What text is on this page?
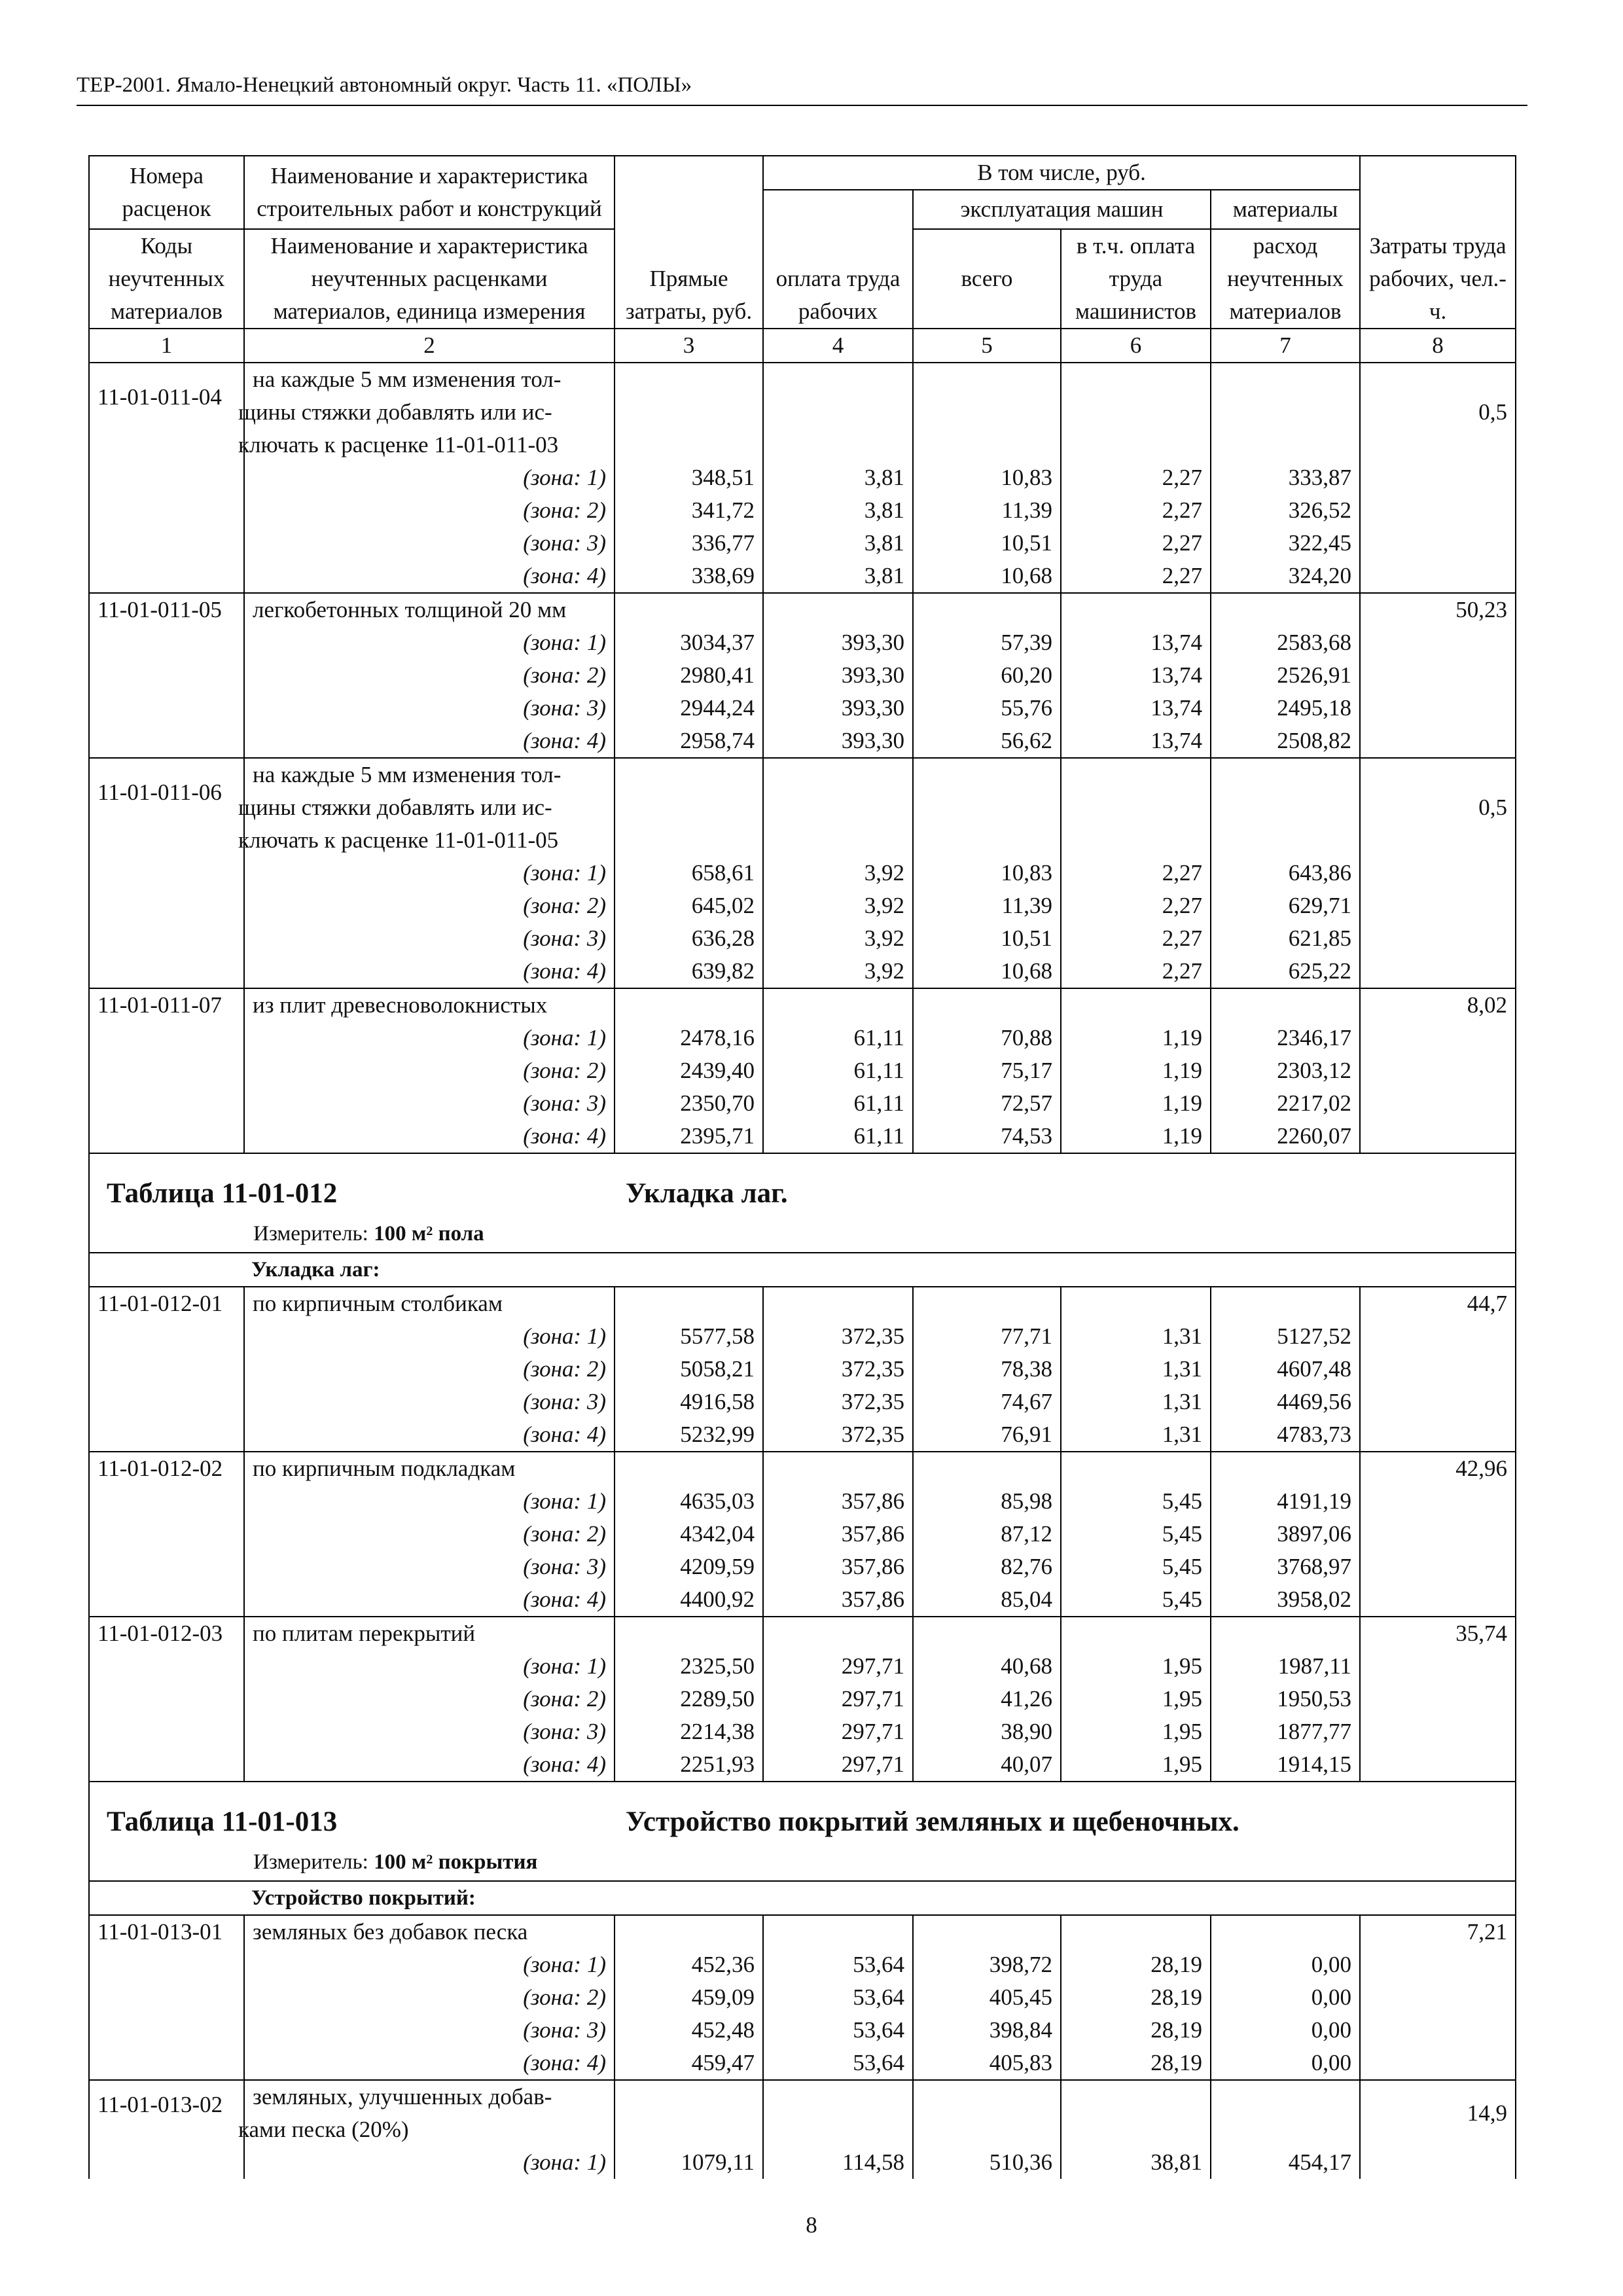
ТЕР-2001. Ямало-Ненецкий автономный округ. Часть 11. «ПОЛЫ»
Номера расценок	Наименование и характеристика строительных работ и конструкций	Прямые затраты, руб.	В том числе, руб.				Затраты труда рабочих, чел.-ч.
			оплата труда рабочих	эксплуатация машин		материалы	
Коды неучтенных материалов	Наименование и характеристика неучтенных расценками материалов, единица измерения			всего	в т.ч. оплата труда машинистов	расход неучтенных материалов	

1	2	3	4	5	6	7	8
11-01-011-04	на каждые 5 мм изменения тол-
щины стяжки добавлять или ис-
ключать к расценке 11-01-011-03						0,5
	(зона: 1)	348,51	3,81	10,83	2,27	333,87	
	(зона: 2)	341,72	3,81	11,39	2,27	326,52	
	(зона: 3)	336,77	3,81	10,51	2,27	322,45	
	(зона: 4)	338,69	3,81	10,68	2,27	324,20	
11-01-011-05	легкобетонных толщиной 20 мм						50,23
	(зона: 1)	3034,37	393,30	57,39	13,74	2583,68	
	(зона: 2)	2980,41	393,30	60,20	13,74	2526,91	
	(зона: 3)	2944,24	393,30	55,76	13,74	2495,18	
	(зона: 4)	2958,74	393,30	56,62	13,74	2508,82	
11-01-011-06	на каждые 5 мм изменения тол-
щины стяжки добавлять или ис-
ключать к расценке 11-01-011-05						0,5
	(зона: 1)	658,61	3,92	10,83	2,27	643,86	
	(зона: 2)	645,02	3,92	11,39	2,27	629,71	
	(зона: 3)	636,28	3,92	10,51	2,27	621,85	
	(зона: 4)	639,82	3,92	10,68	2,27	625,22	
11-01-011-07	из плит древесноволокнистых						8,02
	(зона: 1)	2478,16	61,11	70,88	1,19	2346,17	
	(зона: 2)	2439,40	61,11	75,17	1,19	2303,12	
	(зона: 3)	2350,70	61,11	72,57	1,19	2217,02	
	(зона: 4)	2395,71	61,11	74,53	1,19	2260,07	

Таблица 11-01-012 Укладка лаг.
Измеритель: 100 $м^2$ пола							

Укладка лаг:							

11-01-012-01	по кирпичным столбикам						44,7
	(зона: 1)	5577,58	372,35	77,71	1,31	5127,52	
	(зона: 2)	5058,21	372,35	78,38	1,31	4607,48	
	(зона: 3)	4916,58	372,35	74,67	1,31	4469,56	
	(зона: 4)	5232,99	372,35	76,91	1,31	4783,73	
11-01-012-02	по кирпичным подкладкам						42,96
	(зона: 1)	4635,03	357,86	85,98	5,45	4191,19	
	(зона: 2)	4342,04	357,86	87,12	5,45	3897,06	
	(зона: 3)	4209,59	357,86	82,76	5,45	3768,97	
	(зона: 4)	4400,92	357,86	85,04	5,45	3958,02	
11-01-012-03	по плитам перекрытий						35,74
	(зона: 1)	2325,50	297,71	40,68	1,95	1987,11	
	(зона: 2)	2289,50	297,71	41,26	1,95	1950,53	
	(зона: 3)	2214,38	297,71	38,90	1,95	1877,77	
	(зона: 4)	2251,93	297,71	40,07	1,95	1914,15	

Таблица 11-01-013 Устройство покрытий земляных и щебеночных.
Измеритель: 100 $м^2$ покрытия							

Устройство покрытий:							

11-01-013-01	земляных без добавок песка						7,21
	(зона: 1)	452,36	53,64	398,72	28,19	0,00	
	(зона: 2)	459,09	53,64	405,45	28,19	0,00	
	(зона: 3)	452,48	53,64	398,84	28,19	0,00	
	(зона: 4)	459,47	53,64	405,83	28,19	0,00	
11-01-013-02	земляных, улучшенных добав-
ками песка (20%)						14,9
	(зона: 1)	1079,11	114,58	510,36	38,81	454,17	
8
